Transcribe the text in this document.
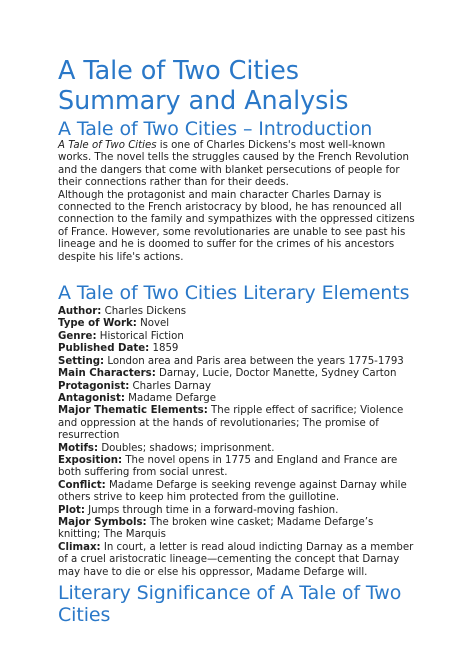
A Tale of Two Cities Summary and Analysis
A Tale of Two Cities – Introduction

A Tale of Two Cities is one of Charles Dickens's most well-known works. The novel tells the struggles caused by the French Revolution and the dangers that come with blanket persecutions of people for their connections rather than for their deeds.

Although the protagonist and main character Charles Darnay is connected to the French aristocracy by blood, he has renounced all connection to the family and sympathizes with the oppressed citizens of France. However, some revolutionaries are unable to see past his lineage and he is doomed to suffer for the crimes of his ancestors despite his life's actions.

A Tale of Two Cities Literary Elements

Author: Charles Dickens

Type of Work: Novel

Genre: Historical Fiction

Published Date: 1859

Setting: London area and Paris area between the years 1775-1793

Main Characters: Darnay, Lucie, Doctor Manette, Sydney Carton

Protagonist: Charles Darnay

Antagonist: Madame Defarge

Major Thematic Elements: The ripple effect of sacrifice; Violence and oppression at the hands of revolutionaries; The promise of resurrection

Motifs: Doubles; shadows; imprisonment.

Exposition: The novel opens in 1775 and England and France are both suffering from social unrest.

Conflict: Madame Defarge is seeking revenge against Darnay while others strive to keep him protected from the guillotine.

Plot: Jumps through time in a forward-moving fashion.

Major Symbols: The broken wine casket; Madame Defarge’s knitting; The Marquis

Climax: In court, a letter is read aloud indicting Darnay as a member of a cruel aristocratic lineage—cementing the concept that Darnay may have to die or else his oppressor, Madame Defarge will.

Literary Significance of A Tale of Two Cities
